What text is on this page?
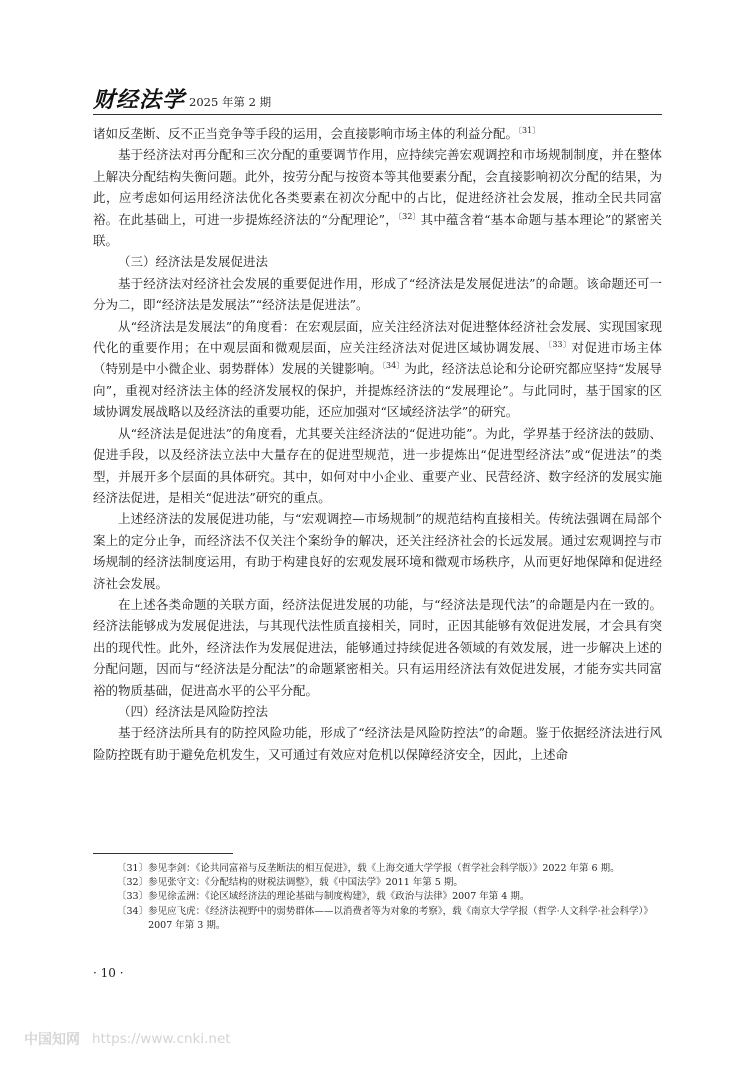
财经法学 2025 年第 2 期

诸如反垄断、反不正当竞争等手段的运用，会直接影响市场主体的利益分配。$^{〔31〕}$

基于经济法对再分配和三次分配的重要调节作用，应持续完善宏观调控和市场规制制度，并在整体上解决分配结构失衡问题。此外，按劳分配与按资本等其他要素分配，会直接影响初次分配的结果，为此，应考虑如何运用经济法优化各类要素在初次分配中的占比，促进经济社会发展，推动全民共同富裕。在此基础上，可进一步提炼经济法的“分配理论”，$^{〔32〕}$其中蕴含着“基本命题与基本理论”的紧密关联。

（三）经济法是发展促进法

基于经济法对经济社会发展的重要促进作用，形成了“经济法是发展促进法”的命题。该命题还可一分为二，即“经济法是发展法”“经济法是促进法”。

从“经济法是发展法”的角度看：在宏观层面，应关注经济法对促进整体经济社会发展、实现国家现代化的重要作用；在中观层面和微观层面，应关注经济法对促进区域协调发展、$^{〔33〕}$对促进市场主体（特别是中小微企业、弱势群体）发展的关键影响。$^{〔34〕}$为此，经济法总论和分论研究都应坚持“发展导向”，重视对经济法主体的经济发展权的保护，并提炼经济法的“发展理论”。与此同时，基于国家的区域协调发展战略以及经济法的重要功能，还应加强对“区域经济法学”的研究。

从“经济法是促进法”的角度看，尤其要关注经济法的“促进功能”。为此，学界基于经济法的鼓励、促进手段，以及经济法立法中大量存在的促进型规范，进一步提炼出“促进型经济法”或“促进法”的类型，并展开多个层面的具体研究。其中，如何对中小企业、重要产业、民营经济、数字经济的发展实施经济法促进，是相关“促进法”研究的重点。

上述经济法的发展促进功能，与“宏观调控—市场规制”的规范结构直接相关。传统法强调在局部个案上的定分止争，而经济法不仅关注个案纷争的解决，还关注经济社会的长远发展。通过宏观调控与市场规制的经济法制度运用，有助于构建良好的宏观发展环境和微观市场秩序，从而更好地保障和促进经济社会发展。

在上述各类命题的关联方面，经济法促进发展的功能，与“经济法是现代法”的命题是内在一致的。经济法能够成为发展促进法，与其现代法性质直接相关，同时，正因其能够有效促进发展，才会具有突出的现代性。此外，经济法作为发展促进法，能够通过持续促进各领域的有效发展，进一步解决上述的分配问题，因而与“经济法是分配法”的命题紧密相关。只有运用经济法有效促进发展，才能夯实共同富裕的物质基础，促进高水平的公平分配。

（四）经济法是风险防控法

基于经济法所具有的防控风险功能，形成了“经济法是风险防控法”的命题。鉴于依据经济法进行风险防控既有助于避免危机发生，又可通过有效应对危机以保障经济安全，因此，上述命

〔31〕 参见李剑：《论共同富裕与反垄断法的相互促进》，载《上海交通大学学报（哲学社会科学版）》2022 年第 6 期。
〔32〕 参见张守文：《分配结构的财税法调整》，载《中国法学》2011 年第 5 期。
〔33〕 参见徐孟洲：《论区域经济法的理论基础与制度构建》，载《政治与法律》2007 年第 4 期。
〔34〕 参见应飞虎：《经济法视野中的弱势群体——以消费者等为对象的考察》，载《南京大学学报（哲学·人文科学·社会科学）》2007 年第 3 期。
· 10 ·
中国知网 https://www.cnki.net
